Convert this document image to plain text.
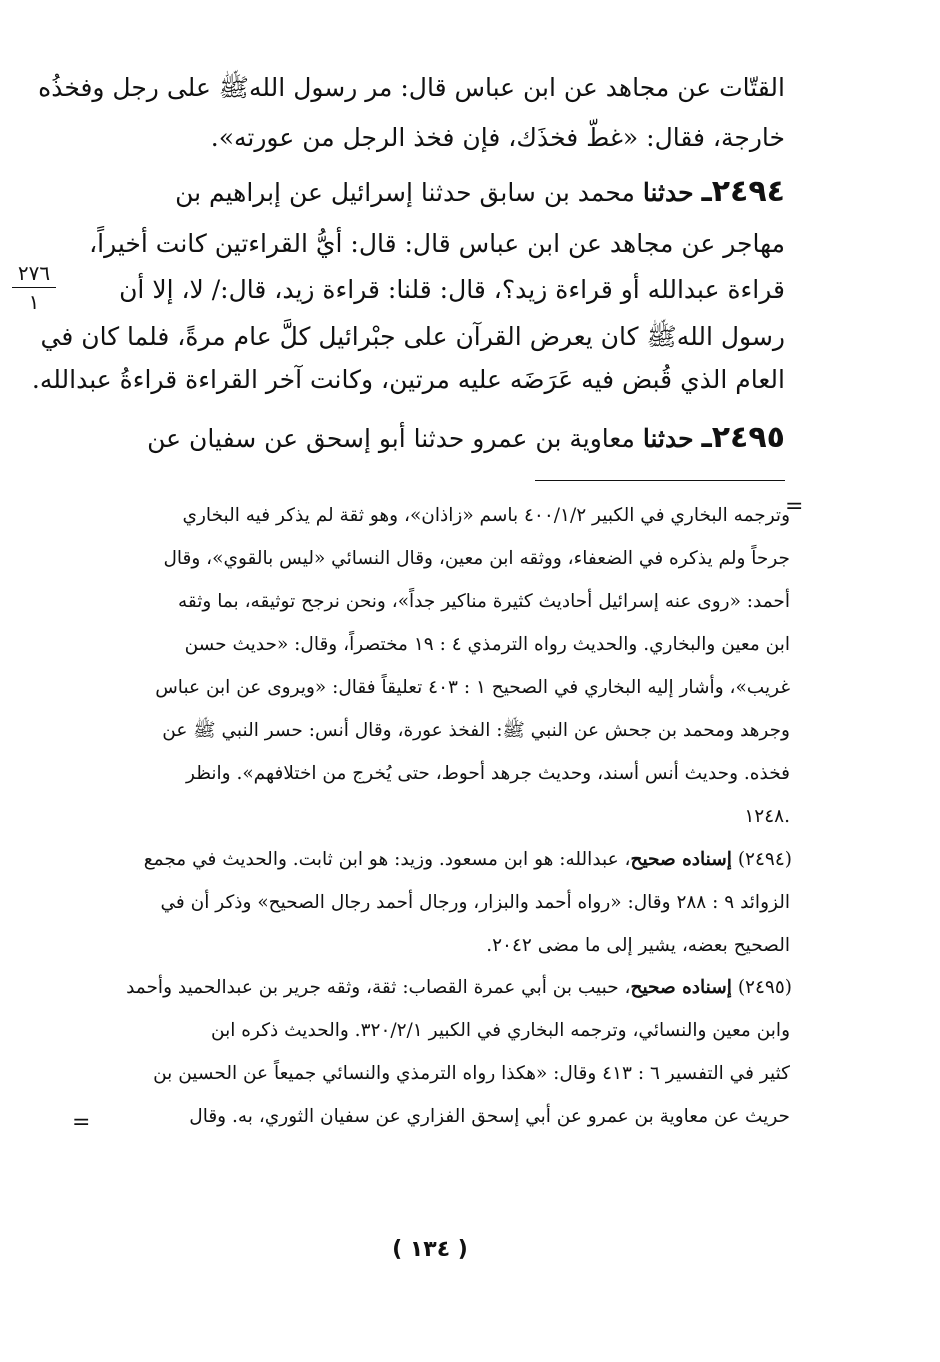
القتّات عن مجاهد عن ابن عباس قال: مر رسول اللهﷺ على رجل وفخذُه
خارجة، فقال: «غطّ فخذَك، فإن فخذ الرجل من عورته».
٢٤٩٤ـ حدثنا محمد بن سابق حدثنا إسرائيل عن إبراهيم بن
مهاجر عن مجاهد عن ابن عباس قال: قال: أيُّ القراءتين كانت أخيراً،
قراءة عبدالله أو قراءة زيد؟، قال: قلنا: قراءة زيد، قال:/ لا، إلا أن
رسول اللهﷺ كان يعرض القرآن على جبْرائيل كلَّ عام مرةً، فلما كان في
العام الذي قُبض فيه عَرَضَه عليه مرتين، وكانت آخر القراءة قراءةُ عبدالله.
٢٤٩٥ـ حدثنا معاوية بن عمرو حدثنا أبو إسحق عن سفيان عن
٢٧٦
١
=
وترجمه البخاري في الكبير ٤٠٠/١/٢ باسم «زاذان»، وهو ثقة لم يذكر فيه البخاري
جرحاً ولم يذكره في الضعفاء، ووثقه ابن معين، وقال النسائي «ليس بالقوي»، وقال
أحمد: «روى عنه إسرائيل أحاديث كثيرة مناكير جداً»، ونحن نرجح توثيقه، بما وثقه
ابن معين والبخاري. والحديث رواه الترمذي ٤ : ١٩ مختصراً، وقال: «حديث حسن
غريب»، وأشار إليه البخاري في الصحيح ١ : ٤٠٣ تعليقاً فقال: «ويروى عن ابن عباس
وجرهد ومحمد بن جحش عن النبي ﷺ: الفخذ عورة، وقال أنس: حسر النبي ﷺ عن
فخذه. وحديث أنس أسند، وحديث جرهد أحوط، حتى يُخرج من اختلافهم». وانظر
١٢٤٨.
(٢٤٩٤) إسناده صحيح، عبدالله: هو ابن مسعود. وزيد: هو ابن ثابت. والحديث في مجمع
الزوائد ٩ : ٢٨٨ وقال: «رواه أحمد والبزار، ورجال أحمد رجال الصحيح» وذكر أن في
الصحيح بعضه، يشير إلى ما مضى ٢٠٤٢.
(٢٤٩٥) إسناده صحيح، حبيب بن أبي عمرة القصاب: ثقة، وثقه جرير بن عبدالحميد وأحمد
وابن معين والنسائي، وترجمه البخاري في الكبير ٣٢٠/٢/١. والحديث ذكره ابن
كثير في التفسير ٦ : ٤١٣ وقال: «هكذا رواه الترمذي والنسائي جميعاً عن الحسين بن
حريث عن معاوية بن عمرو عن أبي إسحق الفزاري عن سفيان الثوري، به. وقال
=
( ١٣٤ )
